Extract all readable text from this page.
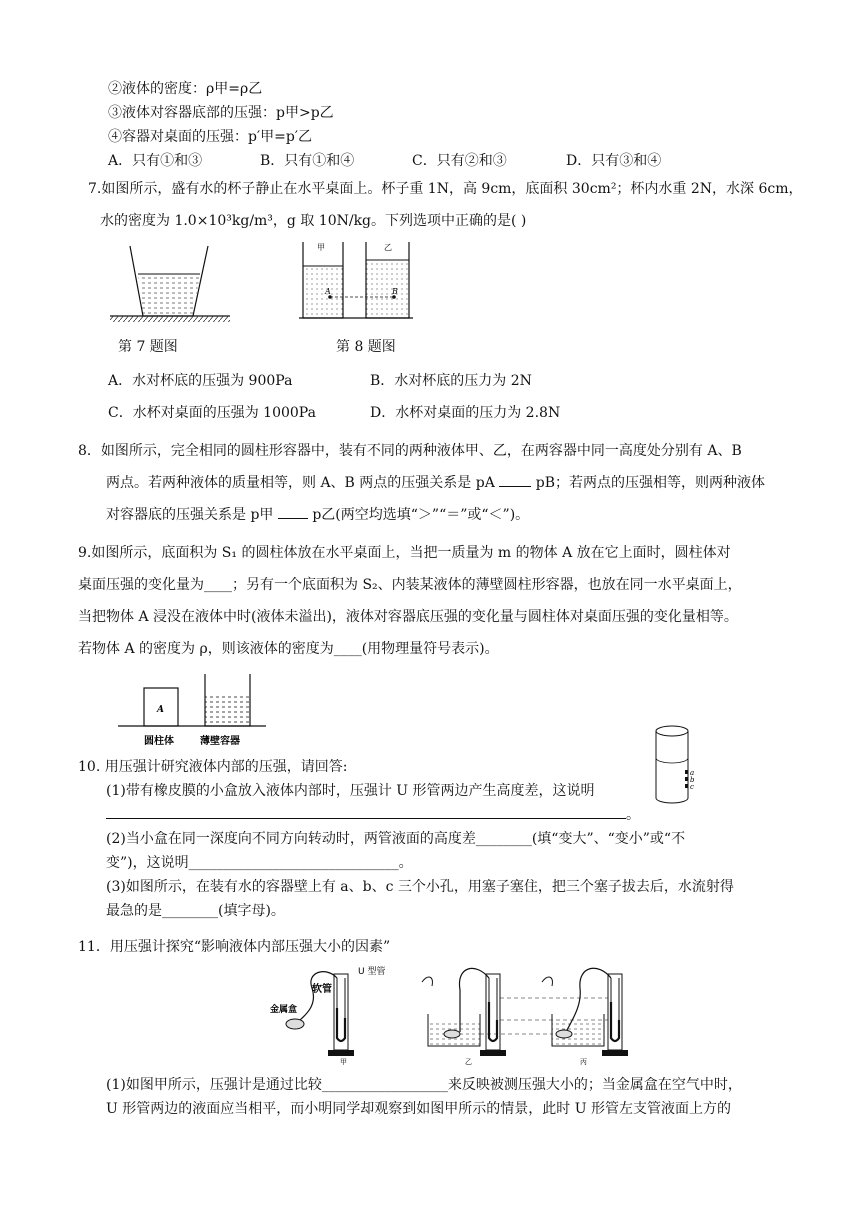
②液体的密度：ρ甲=ρ乙
③液体对容器底部的压强：p甲>p乙
④容器对桌面的压强：p′甲=p′乙
A．只有①和③	B．只有①和④	C．只有②和③	D．只有③和④
7.如图所示，盛有水的杯子静止在水平桌面上。杯子重 1N，高 9cm，底面积 30cm²；杯内水重 2N，水深 6cm，
水的密度为 1.0×10³kg/m³，g 取 10N/kg。下列选项中正确的是( )
甲	乙
A	B
第 7 题图	第 8 题图
A．水对杯底的压强为 900Pa	B．水对杯底的压力为 2N
C．水杯对桌面的压强为 1000Pa	D．水杯对桌面的压力为 2.8N
8．如图所示，完全相同的圆柱形容器中，装有不同的两种液体甲、乙，在两容器中同一高度处分别有 A、B
两点。若两种液体的质量相等，则 A、B 两点的压强关系是 pA	pB；若两点的压强相等，则两种液体
对容器底的压强关系是 p甲	p乙(两空均选填“＞”“＝”或“＜”)。
9.如图所示，底面积为 S₁ 的圆柱体放在水平桌面上，当把一质量为 m 的物体 A 放在它上面时，圆柱体对
桌面压强的变化量为____；另有一个底面积为 S₂、内装某液体的薄壁圆柱形容器，也放在同一水平桌面上，
当把物体 A 浸没在液体中时(液体未溢出)，液体对容器底压强的变化量与圆柱体对桌面压强的变化量相等。
若物体 A 的密度为 ρ，则该液体的密度为____(用物理量符号表示)。
A
圆柱体	薄壁容器
10. 用压强计研究液体内部的压强，请回答:
(1)带有橡皮膜的小盒放入液体内部时，压强计 U 形管两边产生高度差，这说明
。
(2)当小盒在同一深度向不同方向转动时，两管液面的高度差________(填“变大”、“变小”或“不
变”)，这说明______________________________。
(3)如图所示，在装有水的容器壁上有 a、b、c 三个小孔，用塞子塞住，把三个塞子拔去后，水流射得
最急的是________(填字母)。
a
b
c
11．用压强计探究“影响液体内部压强大小的因素”
U 型管
软管
金属盒
甲	乙	丙
(1)如图甲所示，压强计是通过比较__________________来反映被测压强大小的；当金属盒在空气中时，
U 形管两边的液面应当相平，而小明同学却观察到如图甲所示的情景，此时 U 形管左支管液面上方的
